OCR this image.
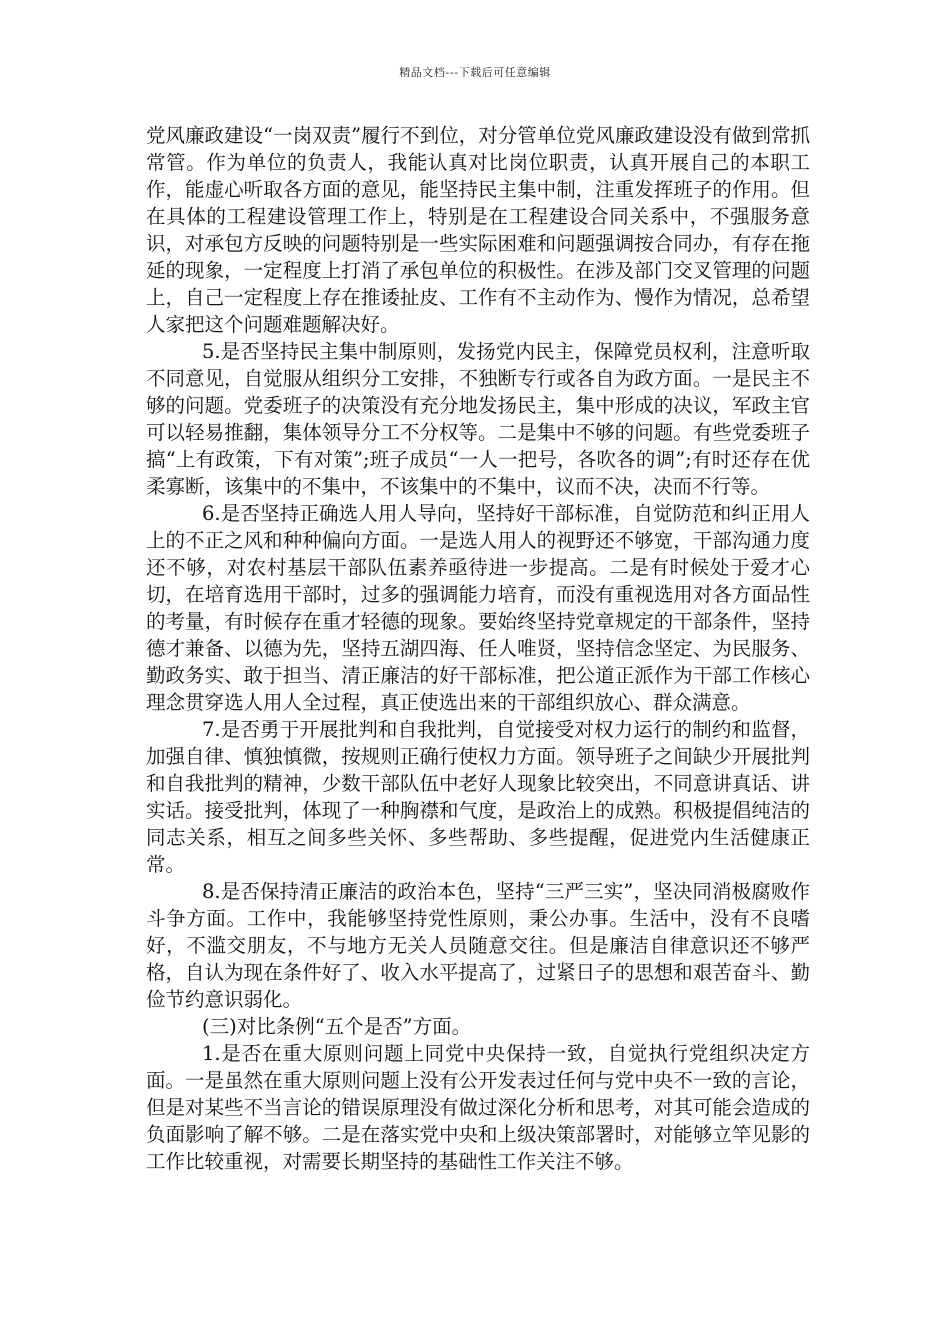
精品文档---下载后可任意编辑

党风廉政建设“一岗双责”履行不到位，对分管单位党风廉政建设没有做到常抓常管。作为单位的负责人，我能认真对比岗位职责，认真开展自己的本职工作，能虚心听取各方面的意见，能坚持民主集中制，注重发挥班子的作用。但在具体的工程建设管理工作上，特别是在工程建设合同关系中，不强服务意识，对承包方反映的问题特别是一些实际困难和问题强调按合同办，有存在拖延的现象，一定程度上打消了承包单位的积极性。在涉及部门交叉管理的问题上，自己一定程度上存在推诿扯皮、工作有不主动作为、慢作为情况，总希望人家把这个问题难题解决好。

5.是否坚持民主集中制原则，发扬党内民主，保障党员权利，注意听取不同意见，自觉服从组织分工安排，不独断专行或各自为政方面。一是民主不够的问题。党委班子的决策没有充分地发扬民主，集中形成的决议，军政主官可以轻易推翻，集体领导分工不分权等。二是集中不够的问题。有些党委班子搞“上有政策，下有对策”;班子成员“一人一把号，各吹各的调”;有时还存在优柔寡断，该集中的不集中，不该集中的不集中，议而不决，决而不行等。

6.是否坚持正确选人用人导向，坚持好干部标准，自觉防范和纠正用人上的不正之风和种种偏向方面。一是选人用人的视野还不够宽，干部沟通力度还不够，对农村基层干部队伍素养亟待进一步提高。二是有时候处于爱才心切，在培育选用干部时，过多的强调能力培育，而没有重视选用对各方面品性的考量，有时候存在重才轻德的现象。要始终坚持党章规定的干部条件，坚持德才兼备、以德为先，坚持五湖四海、任人唯贤，坚持信念坚定、为民服务、勤政务实、敢于担当、清正廉洁的好干部标准，把公道正派作为干部工作核心理念贯穿选人用人全过程，真正使选出来的干部组织放心、群众满意。

7.是否勇于开展批判和自我批判，自觉接受对权力运行的制约和监督，加强自律、慎独慎微，按规则正确行使权力方面。领导班子之间缺少开展批判和自我批判的精神，少数干部队伍中老好人现象比较突出，不同意讲真话、讲实话。接受批判，体现了一种胸襟和气度，是政治上的成熟。积极提倡纯洁的同志关系，相互之间多些关怀、多些帮助、多些提醒，促进党内生活健康正常。

8.是否保持清正廉洁的政治本色，坚持“三严三实”，坚决同消极腐败作斗争方面。工作中，我能够坚持党性原则，秉公办事。生活中，没有不良嗜好，不滥交朋友，不与地方无关人员随意交往。但是廉洁自律意识还不够严格，自认为现在条件好了、收入水平提高了，过紧日子的思想和艰苦奋斗、勤俭节约意识弱化。

(三)对比条例“五个是否”方面。

1.是否在重大原则问题上同党中央保持一致，自觉执行党组织决定方面。一是虽然在重大原则问题上没有公开发表过任何与党中央不一致的言论，但是对某些不当言论的错误原理没有做过深化分析和思考，对其可能会造成的负面影响了解不够。二是在落实党中央和上级决策部署时，对能够立竿见影的工作比较重视，对需要长期坚持的基础性工作关注不够。
